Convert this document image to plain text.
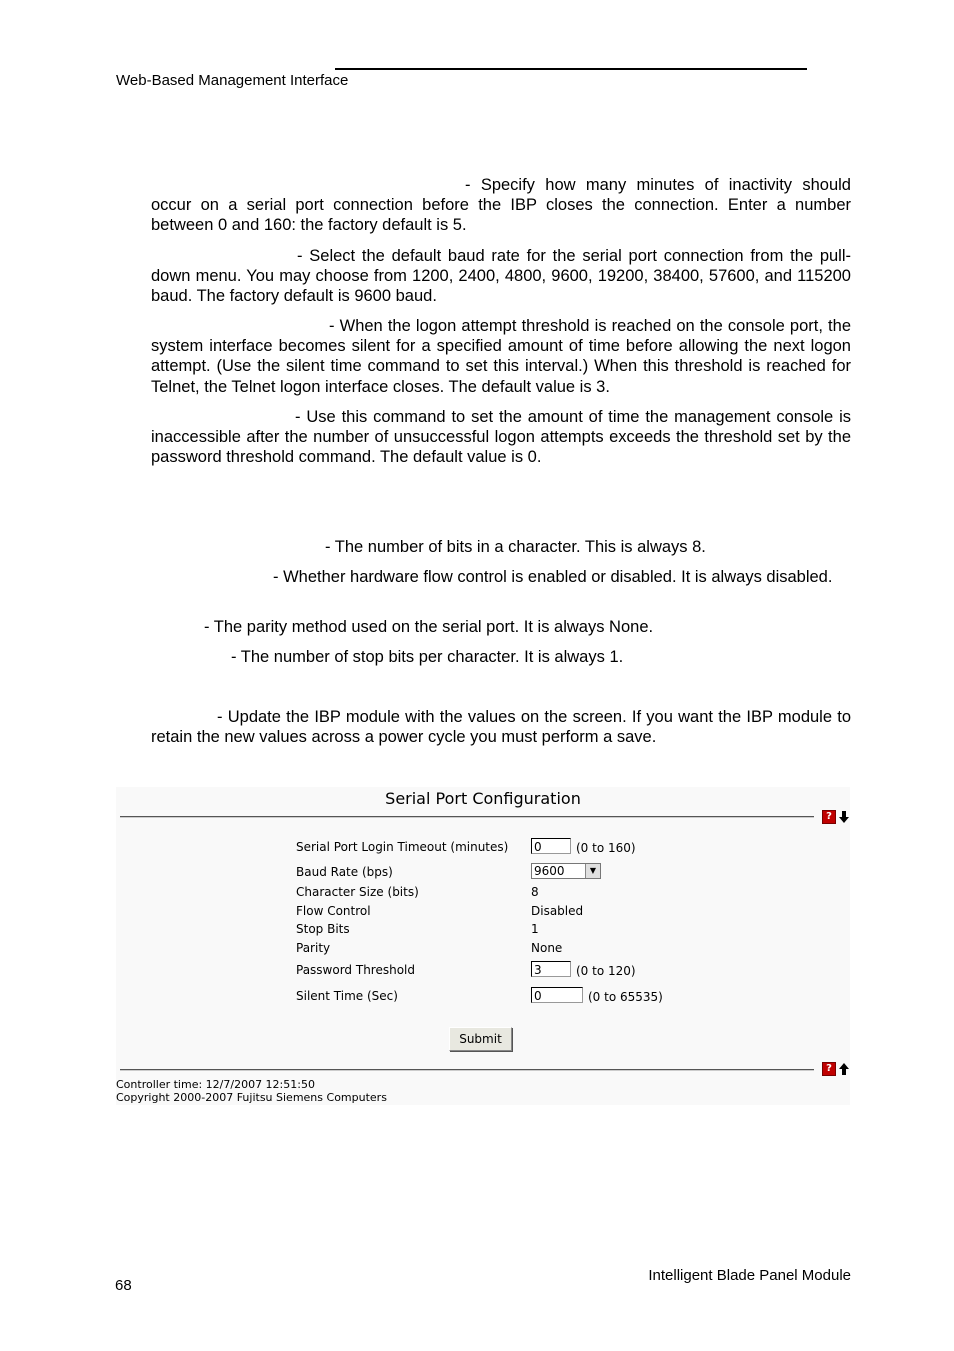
Web-Based Management Interface

- Specify how many minutes of inactivity should occur on a serial port connection before the IBP closes the connection. Enter a number between 0 and 160: the factory default is 5.

- Select the default baud rate for the serial port connection from the pull-down menu. You may choose from 1200, 2400, 4800, 9600, 19200, 38400, 57600, and 115200 baud. The factory default is 9600 baud.

- When the logon attempt threshold is reached on the console port, the system interface becomes silent for a specified amount of time before allowing the next logon attempt. (Use the silent time command to set this interval.) When this threshold is reached for Telnet, the Telnet logon interface closes. The default value is 3.

- Use this command to set the amount of time the management console is inaccessible after the number of unsuccessful logon attempts exceeds the threshold set by the password threshold command. The default value is 0.

- The number of bits in a character. This is always 8.

- Whether hardware flow control is enabled or disabled. It is always disabled.

- The parity method used on the serial port. It is always None.

- The number of stop bits per character. It is always 1.

- Update the IBP module with the values on the screen. If you want the IBP module to retain the new values across a power cycle you must perform a save.

Serial Port Configuration
?
Serial Port Login Timeout (minutes) 0	(0 to 160)
Baud Rate (bps)	9600	▼
Character Size (bits)	8
Flow Control	Disabled
Stop Bits	1
Parity	None
Password Threshold	3	(0 to 120)
Silent Time (Sec)	0	(0 to 65535)
Submit
?
Controller time: 12/7/2007 12:51:50
Copyright 2000-2007 Fujitsu Siemens Computers
68
Intelligent Blade Panel Module
